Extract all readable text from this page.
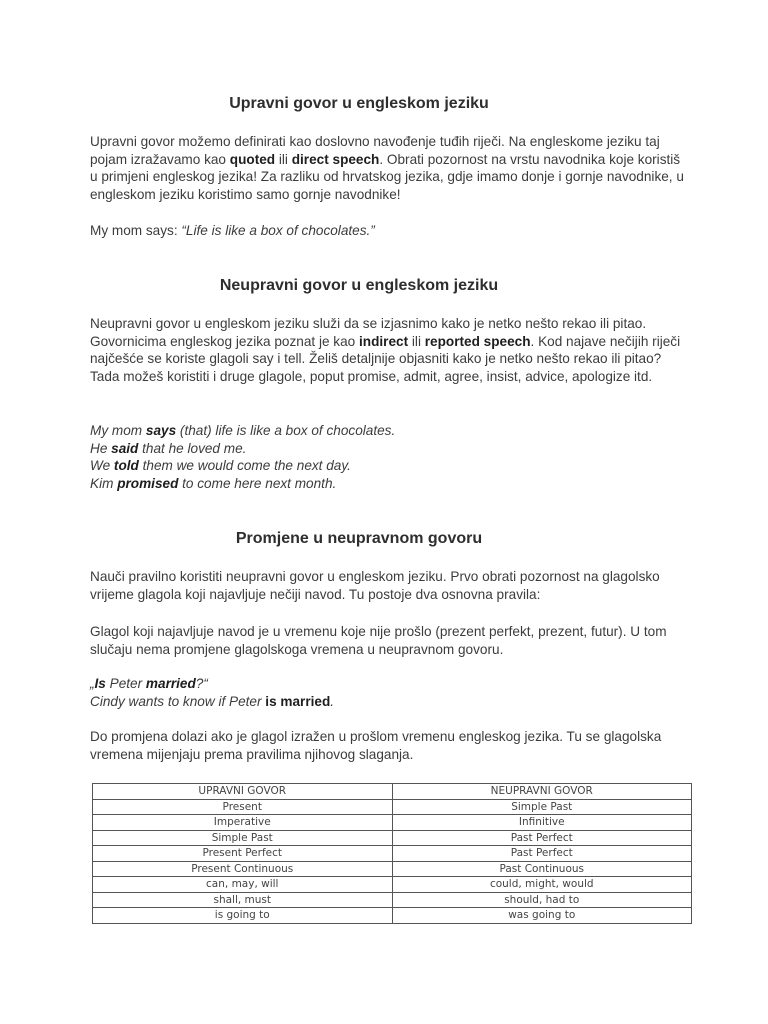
Upravni govor u engleskom jeziku

Upravni govor možemo definirati kao doslovno navođenje tuđih riječi. Na engleskome jeziku taj pojam izražavamo kao quoted ili direct speech. Obrati pozornost na vrstu navodnika koje koristiš u primjeni engleskog jezika! Za razliku od hrvatskog jezika, gdje imamo donje i gornje navodnike, u engleskom jeziku koristimo samo gornje navodnike!

My mom says: “Life is like a box of chocolates.”

Neupravni govor u engleskom jeziku

Neupravni govor u engleskom jeziku služi da se izjasnimo kako je netko nešto rekao ili pitao. Govornicima engleskog jezika poznat je kao indirect ili reported speech. Kod najave nečijih riječi najčešće se koriste glagoli say i tell. Želiš detaljnije objasniti kako je netko nešto rekao ili pitao? Tada možeš koristiti i druge glagole, poput promise, admit, agree, insist, advice, apologize itd.

My mom says (that) life is like a box of chocolates.
He said that he loved me.
We told them we would come the next day.
Kim promised to come here next month.
Promjene u neupravnom govoru

Nauči pravilno koristiti neupravni govor u engleskom jeziku. Prvo obrati pozornost na glagolsko vrijeme glagola koji najavljuje nečiji navod. Tu postoje dva osnovna pravila:

Glagol koji najavljuje navod je u vremenu koje nije prošlo (prezent perfekt, prezent, futur). U tom slučaju nema promjene glagolskoga vremena u neupravnom govoru.

„Is Peter married?“
Cindy wants to know if Peter is married.

Do promjena dolazi ako je glagol izražen u prošlom vremenu engleskog jezika. Tu se glagolska vremena mijenjaju prema pravilima njihovog slaganja.

UPRAVNI GOVOR	NEUPRAVNI GOVOR
Present	Simple Past
Imperative	Infinitive
Simple Past	Past Perfect
Present Perfect	Past Perfect
Present Continuous	Past Continuous
can, may, will	could, might, would
shall, must	should, had to
is going to	was going to
